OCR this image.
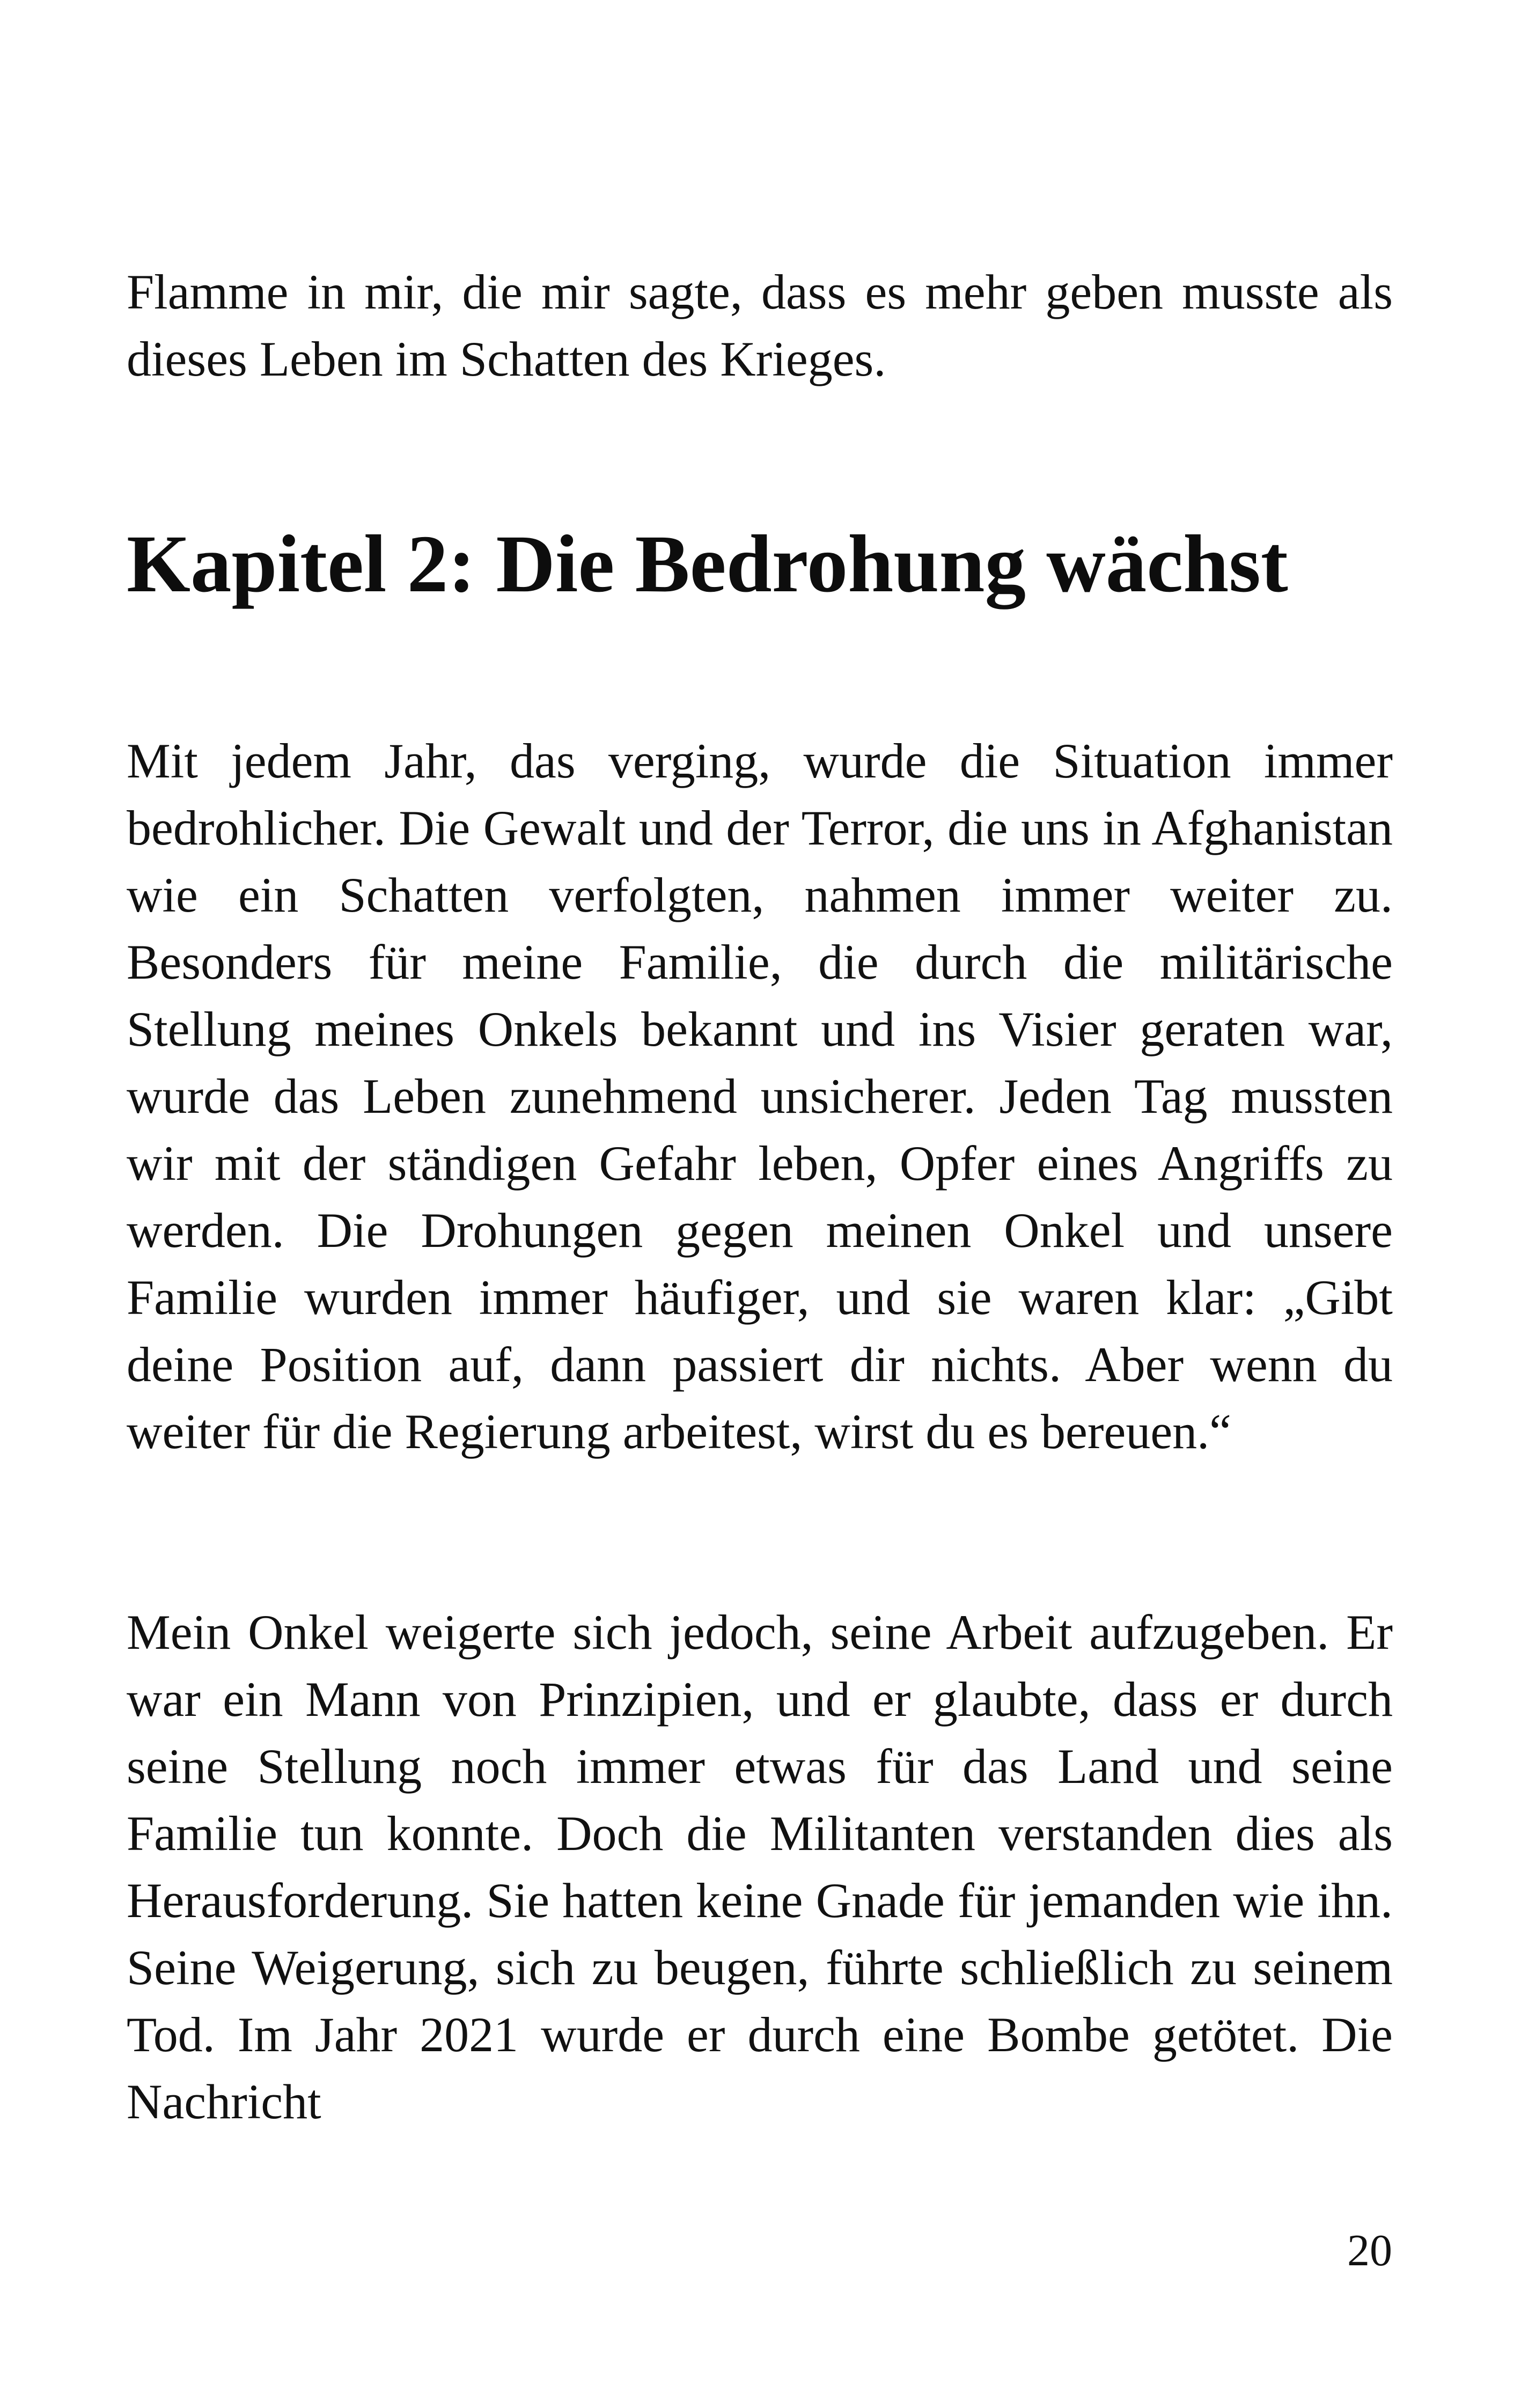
Flamme in mir, die mir sagte, dass es mehr geben musste als dieses Leben im Schatten des Krieges.

Kapitel 2: Die Bedrohung wächst

Mit jedem Jahr, das verging, wurde die Situation immer bedrohlicher. Die Gewalt und der Terror, die uns in Afghanistan wie ein Schatten verfolgten, nahmen immer weiter zu. Besonders für meine Familie, die durch die militärische Stellung meines Onkels bekannt und ins Visier geraten war, wurde das Leben zunehmend unsicherer. Jeden Tag mussten wir mit der ständigen Gefahr leben, Opfer eines Angriffs zu werden. Die Drohungen gegen meinen Onkel und unsere Familie wurden immer häufiger, und sie waren klar: „Gibt deine Position auf, dann passiert dir nichts. Aber wenn du weiter für die Regierung arbeitest, wirst du es bereuen.“

Mein Onkel weigerte sich jedoch, seine Arbeit aufzugeben. Er war ein Mann von Prinzipien, und er glaubte, dass er durch seine Stellung noch immer etwas für das Land und seine Familie tun konnte. Doch die Militanten verstanden dies als Herausforderung. Sie hatten keine Gnade für jemanden wie ihn. Seine Weigerung, sich zu beugen, führte schließlich zu seinem Tod. Im Jahr 2021 wurde er durch eine Bombe getötet. Die Nachricht

20
